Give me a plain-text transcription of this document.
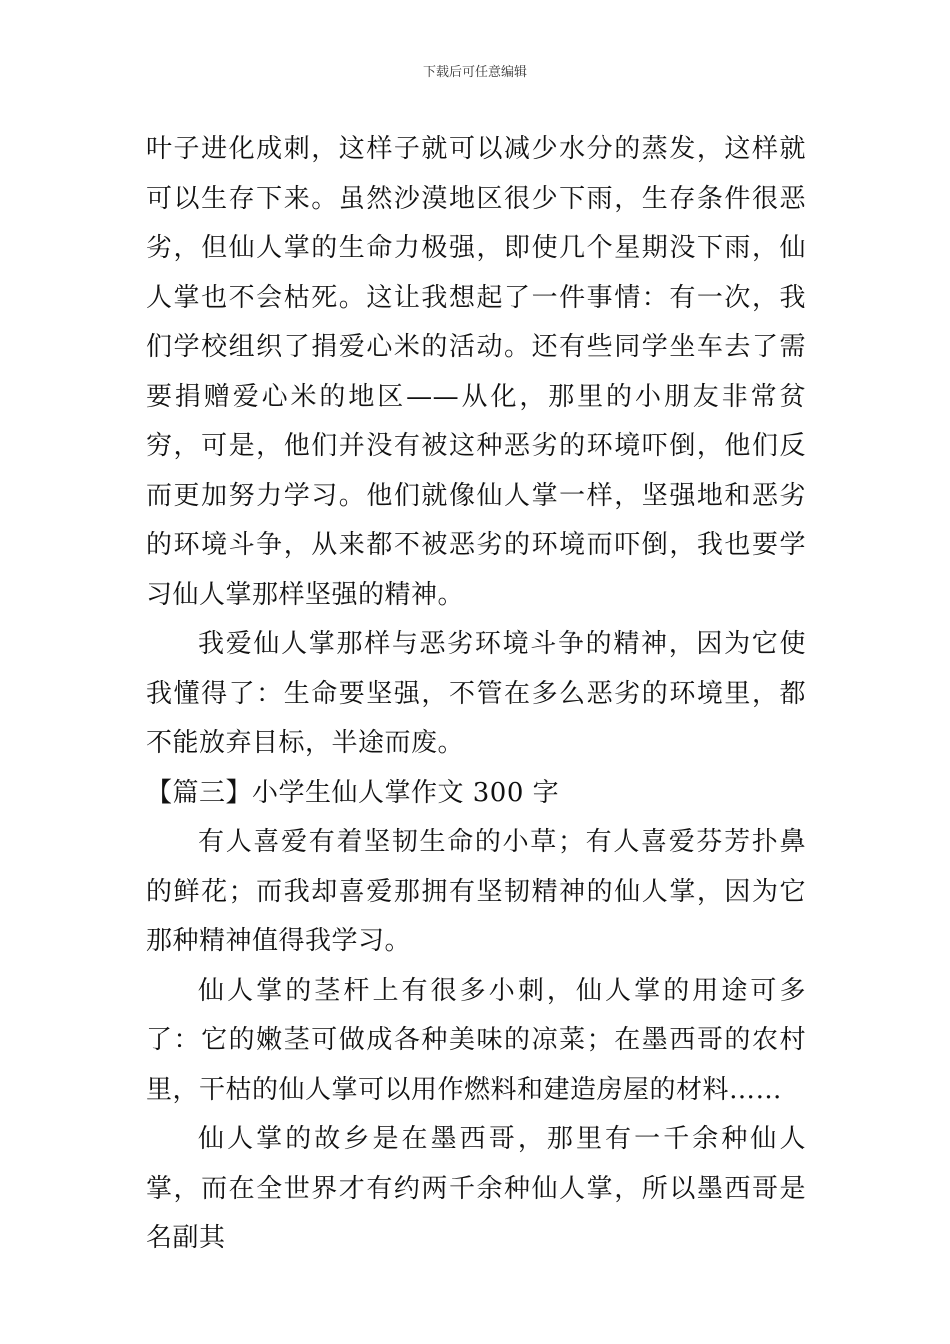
下载后可任意编辑

叶子进化成刺，这样子就可以减少水分的蒸发，这样就可以生存下来。虽然沙漠地区很少下雨，生存条件很恶劣，但仙人掌的生命力极强，即使几个星期没下雨，仙人掌也不会枯死。这让我想起了一件事情：有一次，我们学校组织了捐爱心米的活动。还有些同学坐车去了需要捐赠爱心米的地区——从化，那里的小朋友非常贫穷，可是，他们并没有被这种恶劣的环境吓倒，他们反而更加努力学习。他们就像仙人掌一样，坚强地和恶劣的环境斗争，从来都不被恶劣的环境而吓倒，我也要学习仙人掌那样坚强的精神。

我爱仙人掌那样与恶劣环境斗争的精神，因为它使我懂得了：生命要坚强，不管在多么恶劣的环境里，都不能放弃目标，半途而废。

【篇三】小学生仙人掌作文 300 字

有人喜爱有着坚韧生命的小草；有人喜爱芬芳扑鼻的鲜花；而我却喜爱那拥有坚韧精神的仙人掌，因为它那种精神值得我学习。

仙人掌的茎杆上有很多小刺，仙人掌的用途可多了：它的嫩茎可做成各种美味的凉菜；在墨西哥的农村里，干枯的仙人掌可以用作燃料和建造房屋的材料……

仙人掌的故乡是在墨西哥，那里有一千余种仙人掌，而在全世界才有约两千余种仙人掌，所以墨西哥是名副其
